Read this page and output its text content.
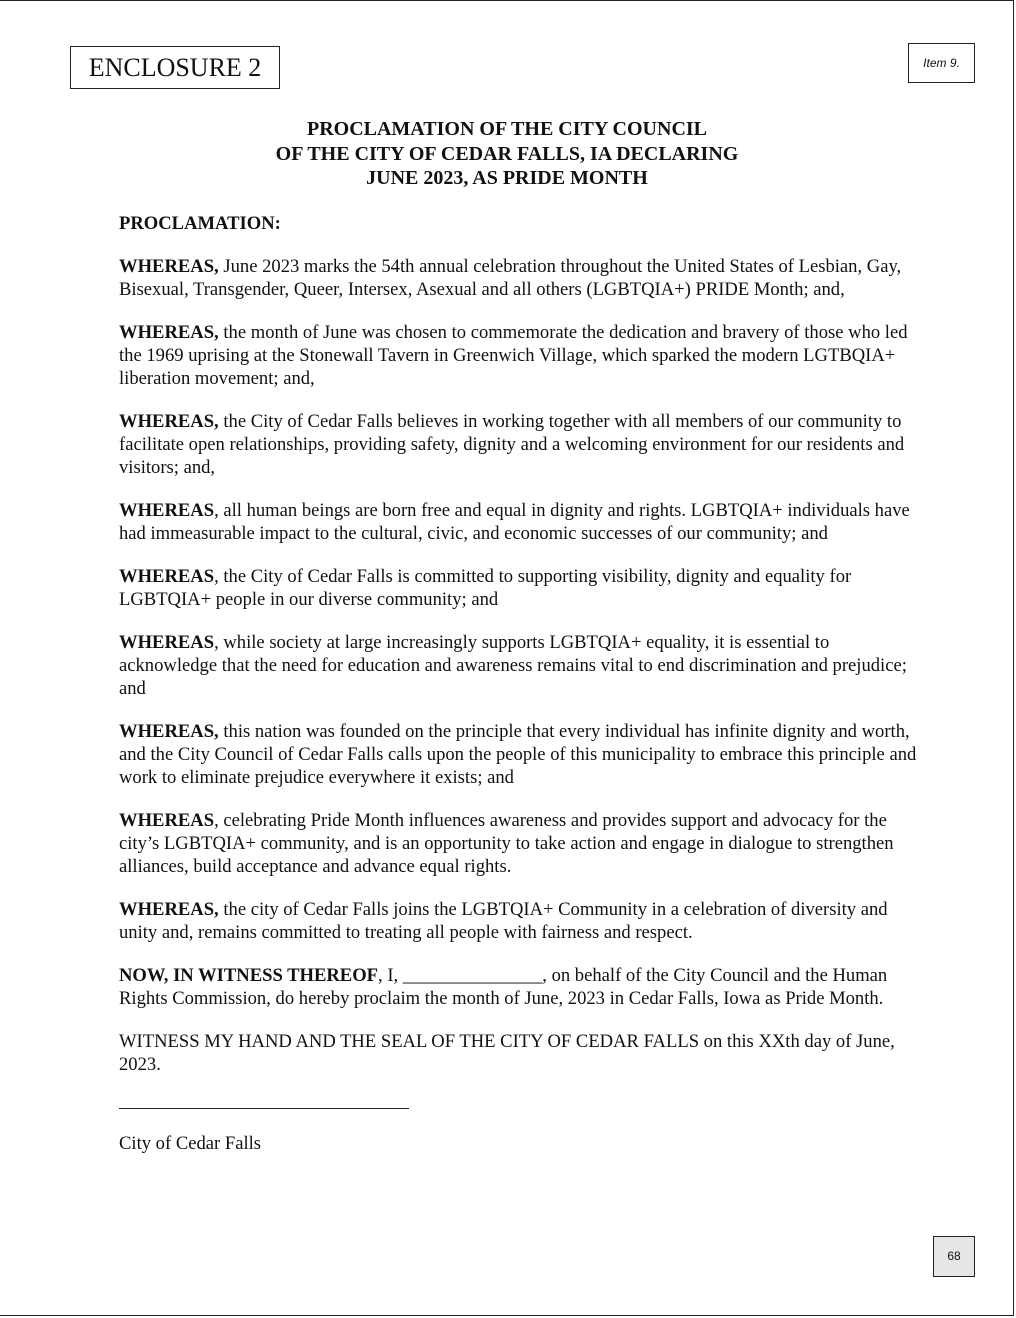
ENCLOSURE 2	Item 9.
PROCLAMATION OF THE CITY COUNCIL
OF THE CITY OF CEDAR FALLS, IA DECLARING
JUNE 2023, AS PRIDE MONTH
PROCLAMATION:

WHEREAS, June 2023 marks the 54th annual celebration throughout the United States of Lesbian, Gay, Bisexual, Transgender, Queer, Intersex, Asexual and all others (LGBTQIA+) PRIDE Month; and,

WHEREAS, the month of June was chosen to commemorate the dedication and bravery of those who led the 1969 uprising at the Stonewall Tavern in Greenwich Village, which sparked the modern LGTBQIA+ liberation movement; and,

WHEREAS, the City of Cedar Falls believes in working together with all members of our community to facilitate open relationships, providing safety, dignity and a welcoming environment for our residents and visitors; and,

WHEREAS, all human beings are born free and equal in dignity and rights. LGBTQIA+ individuals have had immeasurable impact to the cultural, civic, and economic successes of our community; and

WHEREAS, the City of Cedar Falls is committed to supporting visibility, dignity and equality for LGBTQIA+ people in our diverse community; and

WHEREAS, while society at large increasingly supports LGBTQIA+ equality, it is essential to acknowledge that the need for education and awareness remains vital to end discrimination and prejudice; and

WHEREAS, this nation was founded on the principle that every individual has infinite dignity and worth, and the City Council of Cedar Falls calls upon the people of this municipality to embrace this principle and work to eliminate prejudice everywhere it exists; and

WHEREAS, celebrating Pride Month influences awareness and provides support and advocacy for the city’s LGBTQIA+ community, and is an opportunity to take action and engage in dialogue to strengthen alliances, build acceptance and advance equal rights.

WHEREAS, the city of Cedar Falls joins the LGBTQIA+ Community in a celebration of diversity and unity and, remains committed to treating all people with fairness and respect.

NOW, IN WITNESS THEREOF, I, _______________, on behalf of the City Council and the Human Rights Commission, do hereby proclaim the month of June, 2023 in Cedar Falls, Iowa as Pride Month.

WITNESS MY HAND AND THE SEAL OF THE CITY OF CEDAR FALLS on this XXth day of June, 2023.

City of Cedar Falls
68
